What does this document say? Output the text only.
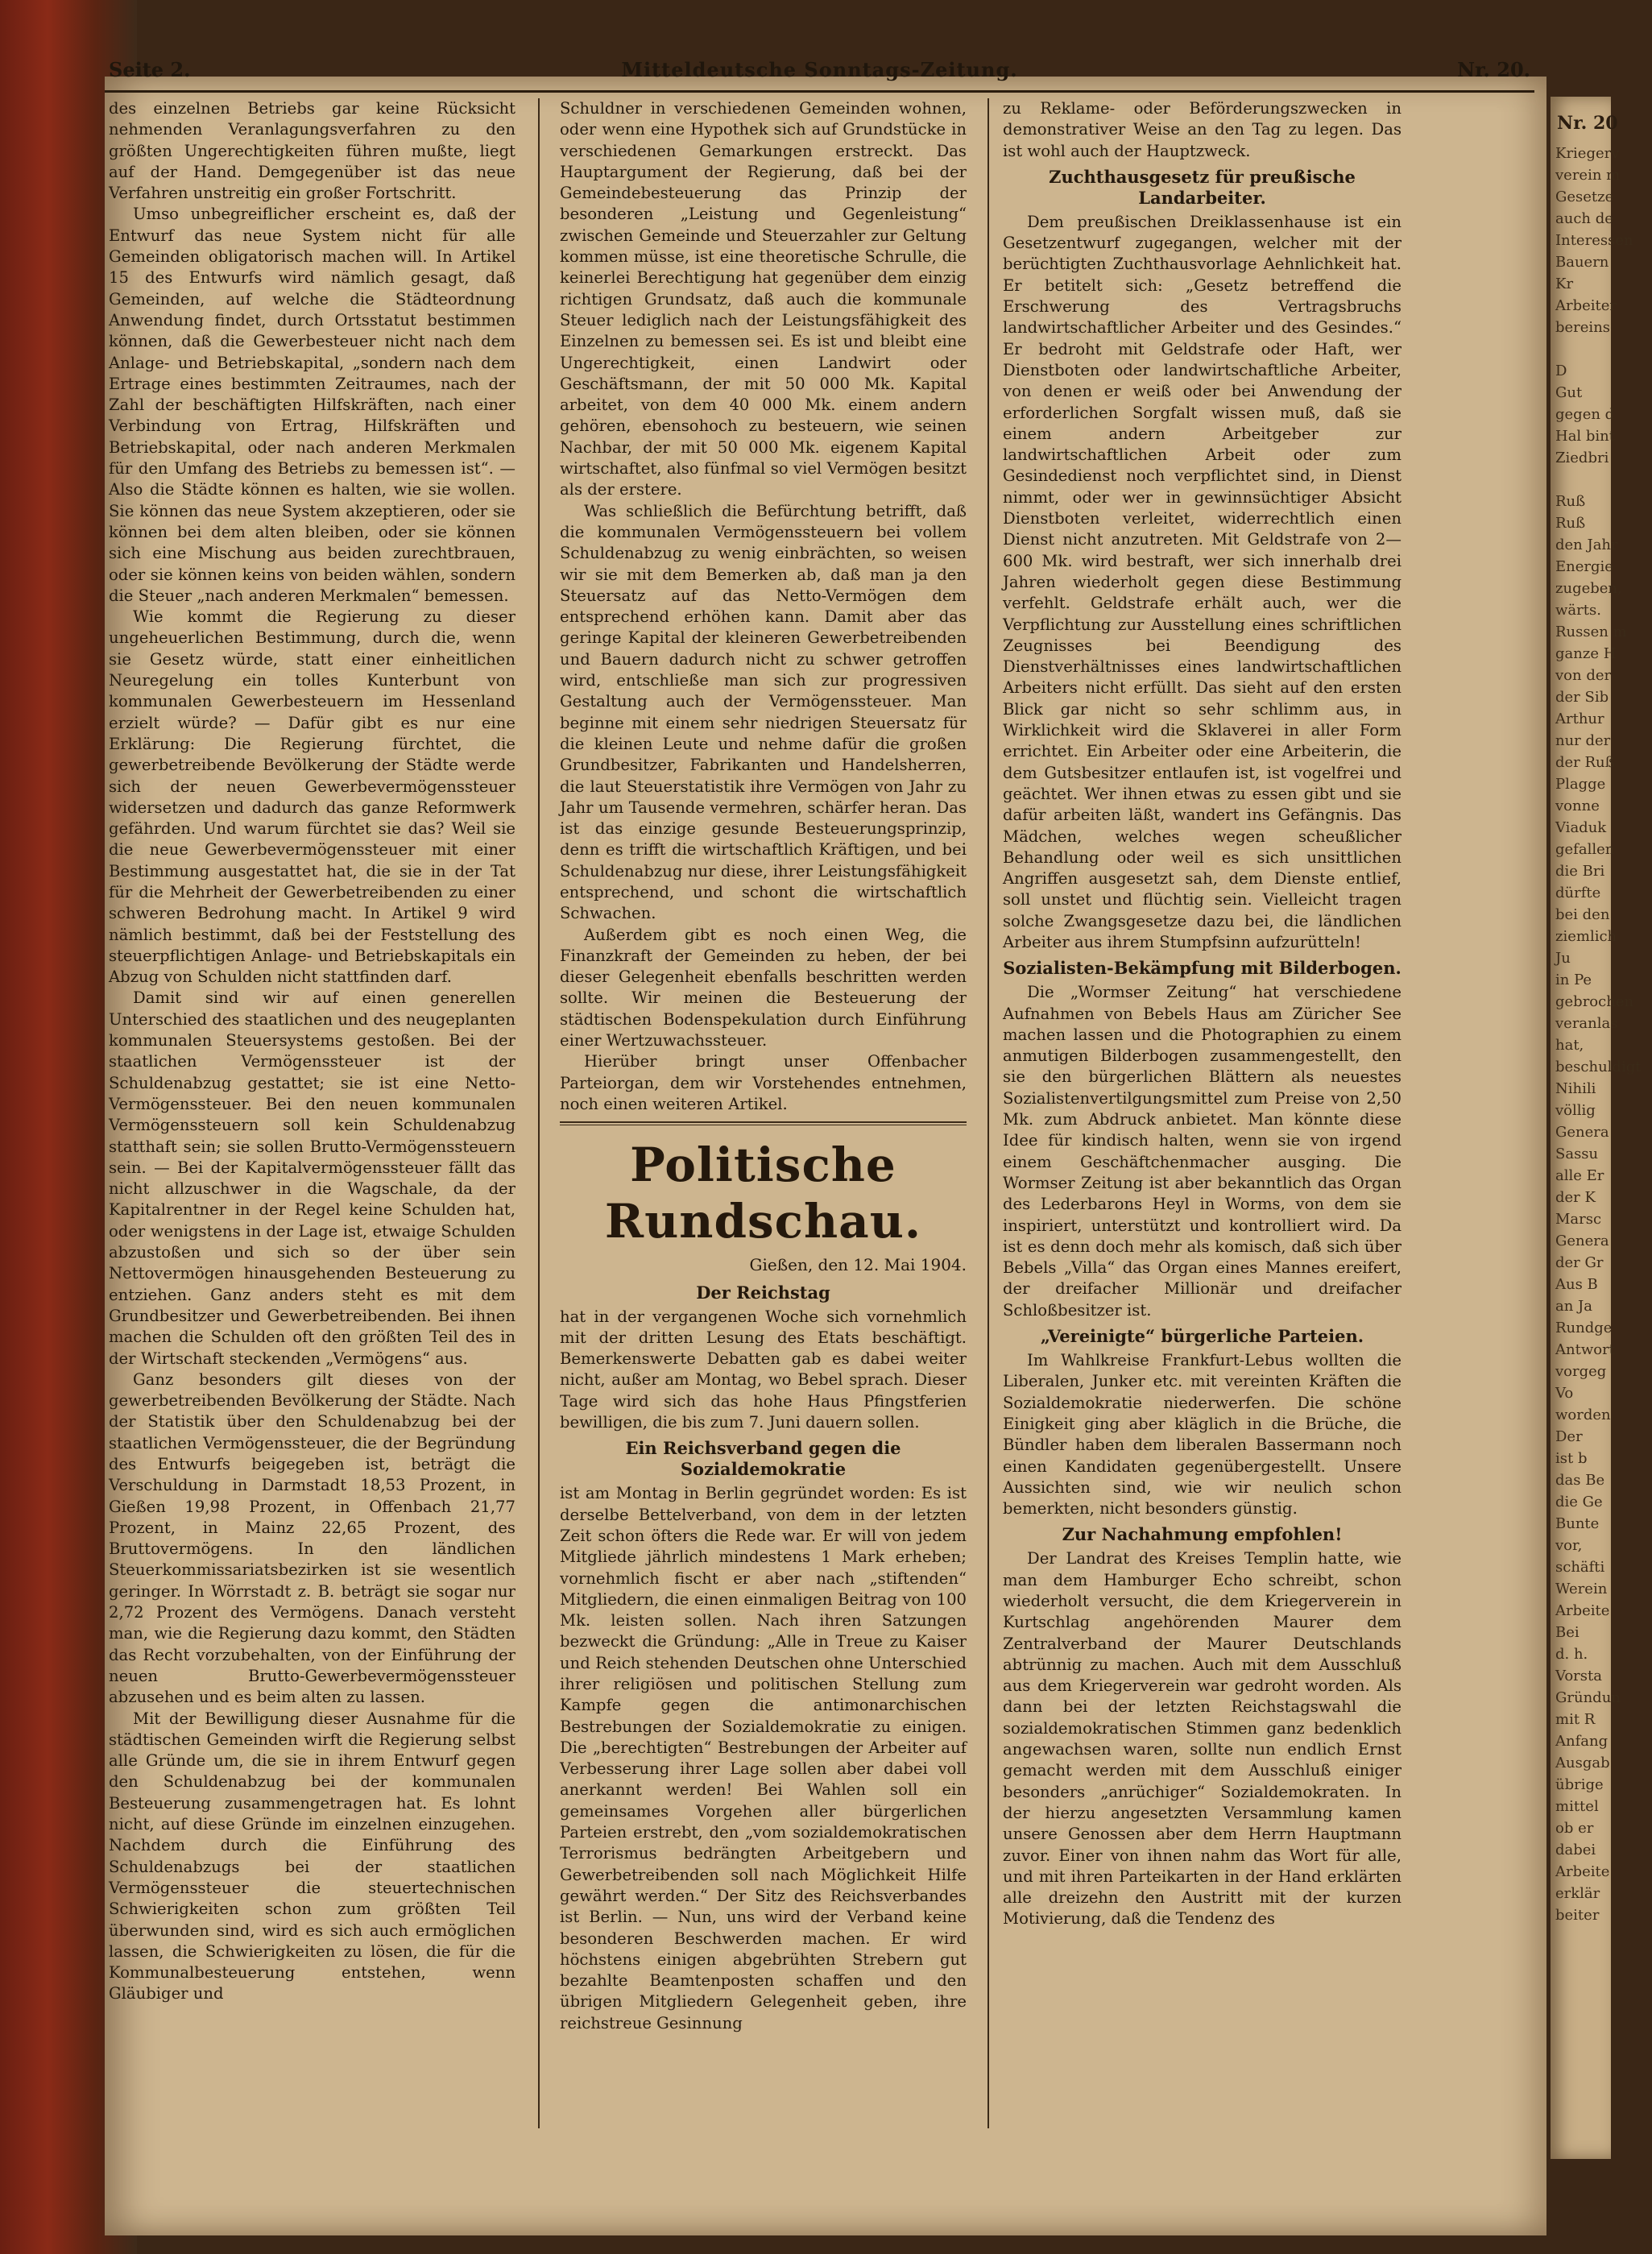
Nr. 20
Kriegerv
verein m
Gesetze
auch de
Interessen
Bauern
Kr
Arbeiter
bereins
D
Gut
gegen d
Hal bint
Ziedbri
Ruß
Ruß
den Jahr
Energie
zugeben,
wärts.
Russen m
ganze H
von der
der Sib
Arthur
nur der
der Ruß
Plagge
vonne
Viaduk
gefallen
die Bri
dürfte
bei den
ziemlich
Ju
in Pe
gebrochen
veranlas
hat,
beschuldigt
Nihili
völlig
Genera
Sassu
alle Er
der K
Marsc
Genera
der Gr
Aus B
an Ja
Rundge
Antwort
vorgeg
Vo
worden
Der
ist b
das Be
die Ge
Bunte
vor,
schäfti
Werein
Arbeite
Bei
d. h.
Vorsta
Gründun
mit R
Anfang
Ausgab
übrige
mittel
ob er
dabei
Arbeite
erklär
beiter
Seite 2.	Mitteldeutsche Sonntags-Zeitung.	Nr. 20.

des einzelnen Betriebs gar keine Rücksicht nehmenden Veranlagungsverfahren zu den größten Ungerechtigkeiten führen mußte, liegt auf der Hand. Demgegenüber ist das neue Verfahren unstreitig ein großer Fortschritt.

Umso unbegreiflicher erscheint es, daß der Entwurf das neue System nicht für alle Gemeinden obligatorisch machen will. In Artikel 15 des Entwurfs wird nämlich gesagt, daß Gemeinden, auf welche die Städteordnung Anwendung findet, durch Ortsstatut bestimmen können, daß die Gewerbesteuer nicht nach dem Anlage- und Betriebskapital, „sondern nach dem Ertrage eines bestimmten Zeitraumes, nach der Zahl der beschäftigten Hilfskräften, nach einer Verbindung von Ertrag, Hilfskräften und Betriebskapital, oder nach anderen Merkmalen für den Umfang des Betriebs zu bemessen ist“. — Also die Städte können es halten, wie sie wollen. Sie können das neue System akzeptieren, oder sie können bei dem alten bleiben, oder sie können sich eine Mischung aus beiden zurechtbrauen, oder sie können keins von beiden wählen, sondern die Steuer „nach anderen Merkmalen“ bemessen.

Wie kommt die Regierung zu dieser ungeheuerlichen Bestimmung, durch die, wenn sie Gesetz würde, statt einer einheitlichen Neuregelung ein tolles Kunterbunt von kommunalen Gewerbesteuern im Hessenland erzielt würde? — Dafür gibt es nur eine Erklärung: Die Regierung fürchtet, die gewerbetreibende Bevölkerung der Städte werde sich der neuen Gewerbevermögenssteuer widersetzen und dadurch das ganze Reformwerk gefährden. Und warum fürchtet sie das? Weil sie die neue Gewerbevermögenssteuer mit einer Bestimmung ausgestattet hat, die sie in der Tat für die Mehrheit der Gewerbetreibenden zu einer schweren Bedrohung macht. In Artikel 9 wird nämlich bestimmt, daß bei der Feststellung des steuerpflichtigen Anlage- und Betriebskapitals ein Abzug von Schulden nicht stattfinden darf.

Damit sind wir auf einen generellen Unterschied des staatlichen und des neugeplanten kommunalen Steuersystems gestoßen. Bei der staatlichen Vermögenssteuer ist der Schuldenabzug gestattet; sie ist eine Netto-Vermögenssteuer. Bei den neuen kommunalen Vermögenssteuern soll kein Schuldenabzug statthaft sein; sie sollen Brutto-Vermögenssteuern sein. — Bei der Kapitalvermögenssteuer fällt das nicht allzuschwer in die Wagschale, da der Kapitalrentner in der Regel keine Schulden hat, oder wenigstens in der Lage ist, etwaige Schulden abzustoßen und sich so der über sein Nettovermögen hinausgehenden Besteuerung zu entziehen. Ganz anders steht es mit dem Grundbesitzer und Gewerbetreibenden. Bei ihnen machen die Schulden oft den größten Teil des in der Wirtschaft steckenden „Vermögens“ aus.

Ganz besonders gilt dieses von der gewerbetreibenden Bevölkerung der Städte. Nach der Statistik über den Schuldenabzug bei der staatlichen Vermögenssteuer, die der Begründung des Entwurfs beigegeben ist, beträgt die Verschuldung in Darmstadt 18,53 Prozent, in Gießen 19,98 Prozent, in Offenbach 21,77 Prozent, in Mainz 22,65 Prozent, des Bruttovermögens. In den ländlichen Steuerkommissariatsbezirken ist sie wesentlich geringer. In Wörrstadt z. B. beträgt sie sogar nur 2,72 Prozent des Vermögens. Danach versteht man, wie die Regierung dazu kommt, den Städten das Recht vorzubehalten, von der Einführung der neuen Brutto-Gewerbevermögenssteuer abzusehen und es beim alten zu lassen.

Mit der Bewilligung dieser Ausnahme für die städtischen Gemeinden wirft die Regierung selbst alle Gründe um, die sie in ihrem Entwurf gegen den Schuldenabzug bei der kommunalen Besteuerung zusammengetragen hat. Es lohnt nicht, auf diese Gründe im einzelnen einzugehen. Nachdem durch die Einführung des Schuldenabzugs bei der staatlichen Vermögenssteuer die steuertechnischen Schwierigkeiten schon zum größten Teil überwunden sind, wird es sich auch ermöglichen lassen, die Schwierigkeiten zu lösen, die für die Kommunalbesteuerung entstehen, wenn Gläubiger und

Schuldner in verschiedenen Gemeinden wohnen, oder wenn eine Hypothek sich auf Grundstücke in verschiedenen Gemarkungen erstreckt. Das Hauptargument der Regierung, daß bei der Gemeindebesteuerung das Prinzip der besonderen „Leistung und Gegenleistung“ zwischen Gemeinde und Steuerzahler zur Geltung kommen müsse, ist eine theoretische Schrulle, die keinerlei Berechtigung hat gegenüber dem einzig richtigen Grundsatz, daß auch die kommunale Steuer lediglich nach der Leistungsfähigkeit des Einzelnen zu bemessen sei. Es ist und bleibt eine Ungerechtigkeit, einen Landwirt oder Geschäftsmann, der mit 50 000 Mk. Kapital arbeitet, von dem 40 000 Mk. einem andern gehören, ebensohoch zu besteuern, wie seinen Nachbar, der mit 50 000 Mk. eigenem Kapital wirtschaftet, also fünfmal so viel Vermögen besitzt als der erstere.

Was schließlich die Befürchtung betrifft, daß die kommunalen Vermögenssteuern bei vollem Schuldenabzug zu wenig einbrächten, so weisen wir sie mit dem Bemerken ab, daß man ja den Steuersatz auf das Netto-Vermögen dem entsprechend erhöhen kann. Damit aber das geringe Kapital der kleineren Gewerbetreibenden und Bauern dadurch nicht zu schwer getroffen wird, entschließe man sich zur progressiven Gestaltung auch der Vermögenssteuer. Man beginne mit einem sehr niedrigen Steuersatz für die kleinen Leute und nehme dafür die großen Grundbesitzer, Fabrikanten und Handelsherren, die laut Steuerstatistik ihre Vermögen von Jahr zu Jahr um Tausende vermehren, schärfer heran. Das ist das einzige gesunde Besteuerungsprinzip, denn es trifft die wirtschaftlich Kräftigen, und bei Schuldenabzug nur diese, ihrer Leistungsfähigkeit entsprechend, und schont die wirtschaftlich Schwachen.

Außerdem gibt es noch einen Weg, die Finanzkraft der Gemeinden zu heben, der bei dieser Gelegenheit ebenfalls beschritten werden sollte. Wir meinen die Besteuerung der städtischen Bodenspekulation durch Einführung einer Wertzuwachssteuer.

Hierüber bringt unser Offenbacher Parteiorgan, dem wir Vorstehendes entnehmen, noch einen weiteren Artikel.

Politische Rundschau.
Gießen, den 12. Mai 1904.
Der Reichstag

hat in der vergangenen Woche sich vornehmlich mit der dritten Lesung des Etats beschäftigt. Bemerkenswerte Debatten gab es dabei weiter nicht, außer am Montag, wo Bebel sprach. Dieser Tage wird sich das hohe Haus Pfingstferien bewilligen, die bis zum 7. Juni dauern sollen.

Ein Reichsverband gegen die Sozialdemokratie

ist am Montag in Berlin gegründet worden: Es ist derselbe Bettelverband, von dem in der letzten Zeit schon öfters die Rede war. Er will von jedem Mitgliede jährlich mindestens 1 Mark erheben; vornehmlich fischt er aber nach „stiftenden“ Mitgliedern, die einen einmaligen Beitrag von 100 Mk. leisten sollen. Nach ihren Satzungen bezweckt die Gründung: „Alle in Treue zu Kaiser und Reich stehenden Deutschen ohne Unterschied ihrer religiösen und politischen Stellung zum Kampfe gegen die antimonarchischen Bestrebungen der Sozialdemokratie zu einigen. Die „berechtigten“ Bestrebungen der Arbeiter auf Verbesserung ihrer Lage sollen aber dabei voll anerkannt werden! Bei Wahlen soll ein gemeinsames Vorgehen aller bürgerlichen Parteien erstrebt, den „vom sozialdemokratischen Terrorismus bedrängten Arbeitgebern und Gewerbetreibenden soll nach Möglichkeit Hilfe gewährt werden.“ Der Sitz des Reichsverbandes ist Berlin. — Nun, uns wird der Verband keine besonderen Beschwerden machen. Er wird höchstens einigen abgebrühten Strebern gut bezahlte Beamtenposten schaffen und den übrigen Mitgliedern Gelegenheit geben, ihre reichstreue Gesinnung

zu Reklame- oder Beförderungszwecken in demonstrativer Weise an den Tag zu legen. Das ist wohl auch der Hauptzweck.

Zuchthausgesetz für preußische Landarbeiter.

Dem preußischen Dreiklassenhause ist ein Gesetzentwurf zugegangen, welcher mit der berüchtigten Zuchthausvorlage Aehnlichkeit hat. Er betitelt sich: „Gesetz betreffend die Erschwerung des Vertragsbruchs landwirtschaftlicher Arbeiter und des Gesindes.“ Er bedroht mit Geldstrafe oder Haft, wer Dienstboten oder landwirtschaftliche Arbeiter, von denen er weiß oder bei Anwendung der erforderlichen Sorgfalt wissen muß, daß sie einem andern Arbeitgeber zur landwirtschaftlichen Arbeit oder zum Gesindedienst noch verpflichtet sind, in Dienst nimmt, oder wer in gewinnsüchtiger Absicht Dienstboten verleitet, widerrechtlich einen Dienst nicht anzutreten. Mit Geldstrafe von 2—600 Mk. wird bestraft, wer sich innerhalb drei Jahren wiederholt gegen diese Bestimmung verfehlt. Geldstrafe erhält auch, wer die Verpflichtung zur Ausstellung eines schriftlichen Zeugnisses bei Beendigung des Dienstverhältnisses eines landwirtschaftlichen Arbeiters nicht erfüllt. Das sieht auf den ersten Blick gar nicht so sehr schlimm aus, in Wirklichkeit wird die Sklaverei in aller Form errichtet. Ein Arbeiter oder eine Arbeiterin, die dem Gutsbesitzer entlaufen ist, ist vogelfrei und geächtet. Wer ihnen etwas zu essen gibt und sie dafür arbeiten läßt, wandert ins Gefängnis. Das Mädchen, welches wegen scheußlicher Behandlung oder weil es sich unsittlichen Angriffen ausgesetzt sah, dem Dienste entlief, soll unstet und flüchtig sein. Vielleicht tragen solche Zwangsgesetze dazu bei, die ländlichen Arbeiter aus ihrem Stumpfsinn aufzurütteln!

Sozialisten-Bekämpfung mit Bilderbogen.

Die „Wormser Zeitung“ hat verschiedene Aufnahmen von Bebels Haus am Züricher See machen lassen und die Photographien zu einem anmutigen Bilderbogen zusammengestellt, den sie den bürgerlichen Blättern als neuestes Sozialistenvertilgungsmittel zum Preise von 2,50 Mk. zum Abdruck anbietet. Man könnte diese Idee für kindisch halten, wenn sie von irgend einem Geschäftchenmacher ausging. Die Wormser Zeitung ist aber bekanntlich das Organ des Lederbarons Heyl in Worms, von dem sie inspiriert, unterstützt und kontrolliert wird. Da ist es denn doch mehr als komisch, daß sich über Bebels „Villa“ das Organ eines Mannes ereifert, der dreifacher Millionär und dreifacher Schloßbesitzer ist.

„Vereinigte“ bürgerliche Parteien.

Im Wahlkreise Frankfurt-Lebus wollten die Liberalen, Junker etc. mit vereinten Kräften die Sozialdemokratie niederwerfen. Die schöne Einigkeit ging aber kläglich in die Brüche, die Bündler haben dem liberalen Bassermann noch einen Kandidaten gegenübergestellt. Unsere Aussichten sind, wie wir neulich schon bemerkten, nicht besonders günstig.

Zur Nachahmung empfohlen!

Der Landrat des Kreises Templin hatte, wie man dem Hamburger Echo schreibt, schon wiederholt versucht, die dem Kriegerverein in Kurtschlag angehörenden Maurer dem Zentralverband der Maurer Deutschlands abtrünnig zu machen. Auch mit dem Ausschluß aus dem Kriegerverein war gedroht worden. Als dann bei der letzten Reichstagswahl die sozialdemokratischen Stimmen ganz bedenklich angewachsen waren, sollte nun endlich Ernst gemacht werden mit dem Ausschluß einiger besonders „anrüchiger“ Sozialdemokraten. In der hierzu angesetzten Versammlung kamen unsere Genossen aber dem Herrn Hauptmann zuvor. Einer von ihnen nahm das Wort für alle, und mit ihren Parteikarten in der Hand erklärten alle dreizehn den Austritt mit der kurzen Motivierung, daß die Tendenz des
